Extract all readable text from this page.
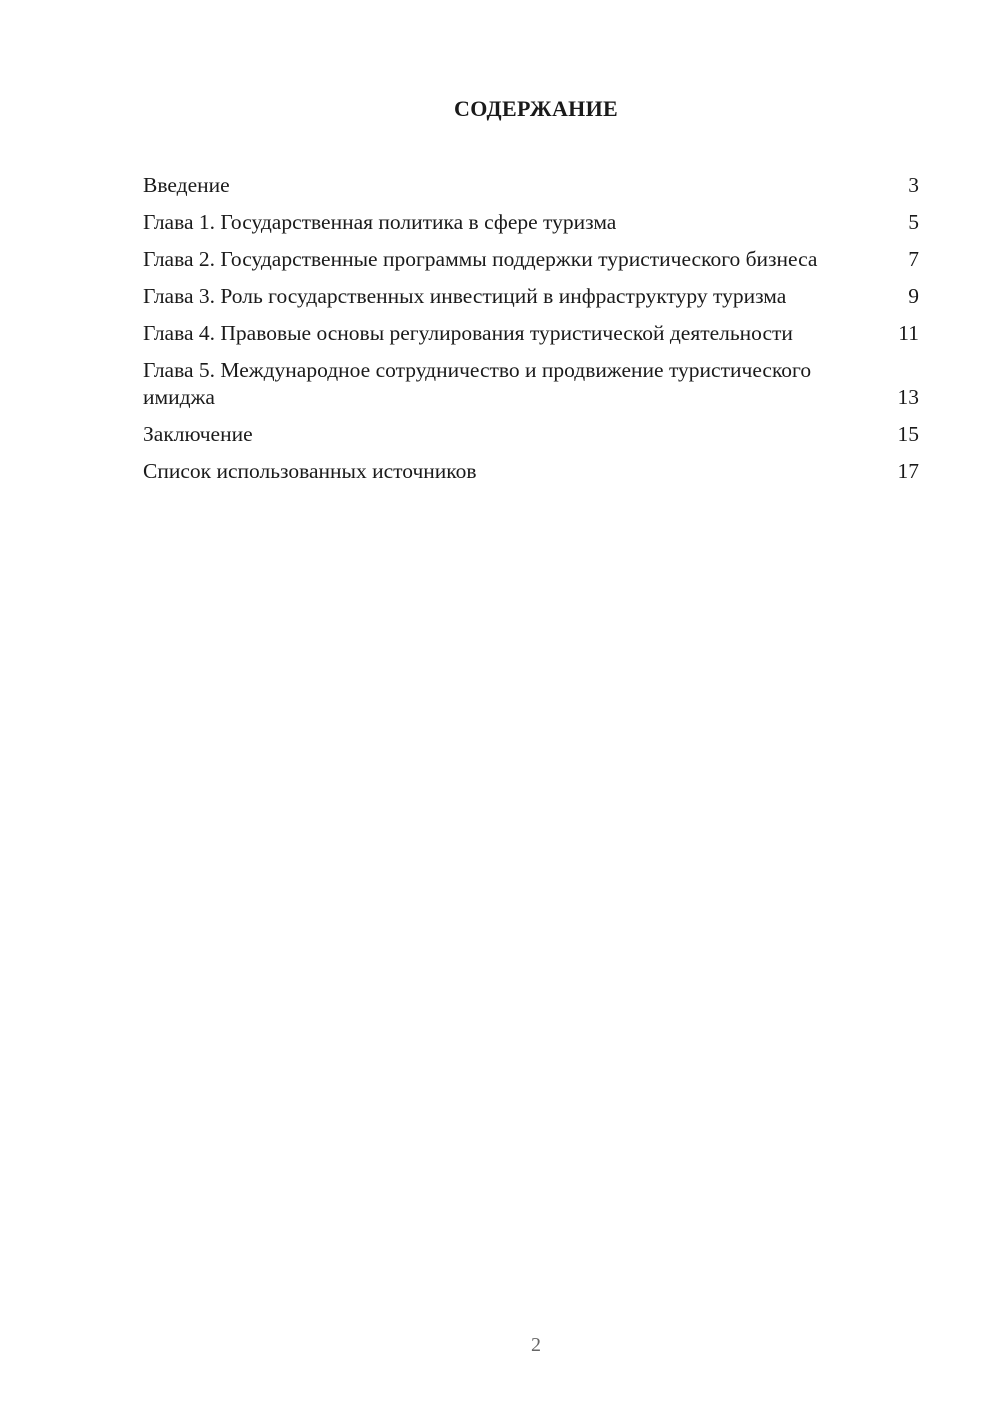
СОДЕРЖАНИЕ
Введение	3
Глава 1. Государственная политика в сфере туризма	5
Глава 2. Государственные программы поддержки туристического бизнеса	7
Глава 3. Роль государственных инвестиций в инфраструктуру туризма	9
Глава 4. Правовые основы регулирования туристической деятельности	11
Глава 5. Международное сотрудничество и продвижение туристического имиджа	13
Заключение	15
Список использованных источников	17
2
